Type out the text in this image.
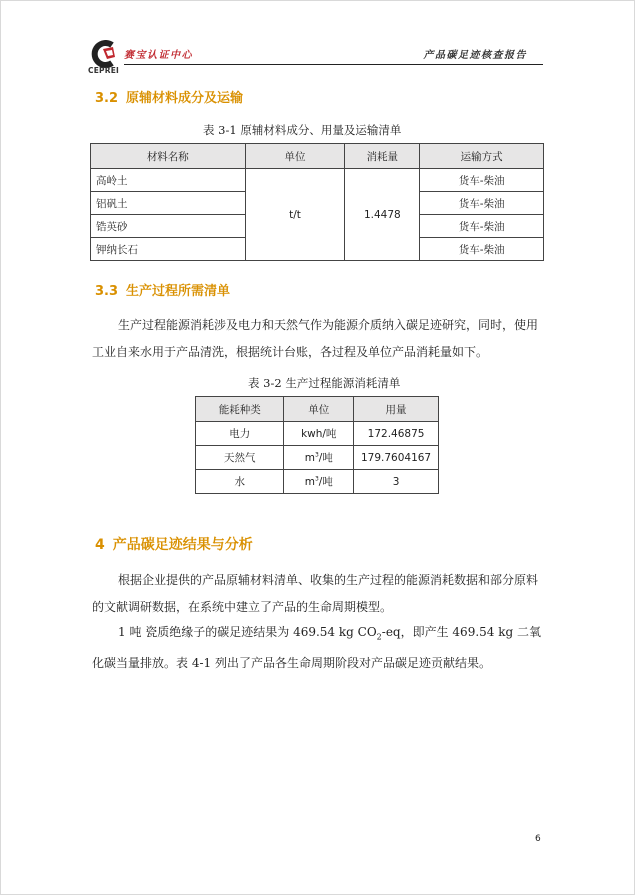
CEPREI
赛宝认证中心	产品碳足迹核查报告
3.2 原辅材料成分及运输
表 3-1 原辅材料成分、用量及运输清单
材料名称	单位	消耗量	运输方式
高岭土	t/t	1.4478	货车-柴油
铝矾土			货车-柴油
锆英砂			货车-柴油
钾纳长石			货车-柴油
3.3 生产过程所需清单

生产过程能源消耗涉及电力和天然气作为能源介质纳入碳足迹研究，同时，使用工业自来水用于产品清洗，根据统计台账，各过程及单位产品消耗量如下。

表 3-2 生产过程能源消耗清单
能耗种类	单位	用量
电力	kwh/吨	172.46875
天然气	$m^3/$吨	179.7604167
水	$m^3/$吨	3
4 产品碳足迹结果与分析

根据企业提供的产品原辅材料清单、收集的生产过程的能源消耗数据和部分原料的文献调研数据，在系统中建立了产品的生命周期模型。

1 吨 瓷质绝缘子的碳足迹结果为 469.54 kg $CO_2-eq$，即产生 469.54 kg 二氧化碳当量排放。表 4-1 列出了产品各生命周期阶段对产品碳足迹贡献结果。

6
